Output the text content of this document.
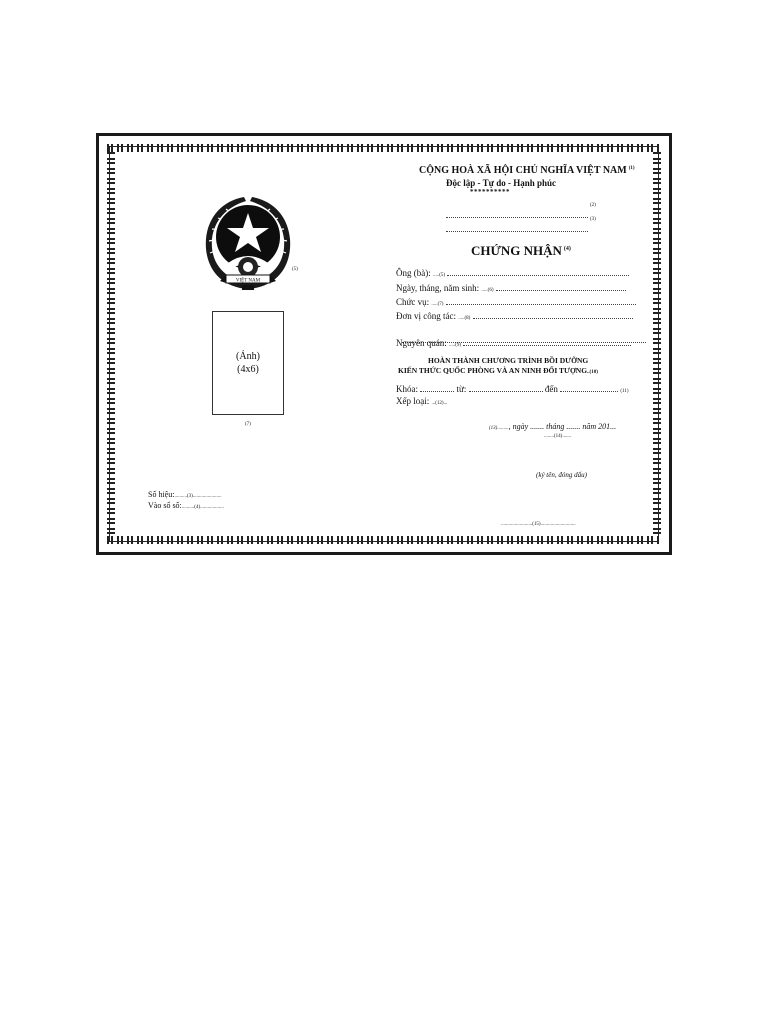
CỘNG HOÀ XÃ HỘI CHỦ NGHĨA VIỆT NAM $^{(1)}$
Độc lập - Tự do - Hạnh phúc
**********
(2)
(3)
VIỆT NAM
(5)
(Ảnh)
(4x6)
(7)
CHỨNG NHẬN $^{(4)}$
Ông (bà): .....(5)
Ngày, tháng, năm sinh: .....(6)
Chức vụ: .....(7)
Đơn vị công tác: .....(8)
Nguyên quán: .....(9)
HOÀN THÀNH CHƯƠNG TRÌNH BỒI DƯỠNG
KIẾN THỨC QUỐC PHÒNG VÀ AN NINH ĐỐI TƯỢNG..(10)
Khóa:	từ:	đến	(11)
Xếp loại: ...(12)...
(13)........., ngày ....... tháng ....... năm 201...
........(14).......
(ký tên, đóng dấu)
.........................(15)............................
Số hiệu:..........(3).......................
Vào sổ số:..........(4)...................
